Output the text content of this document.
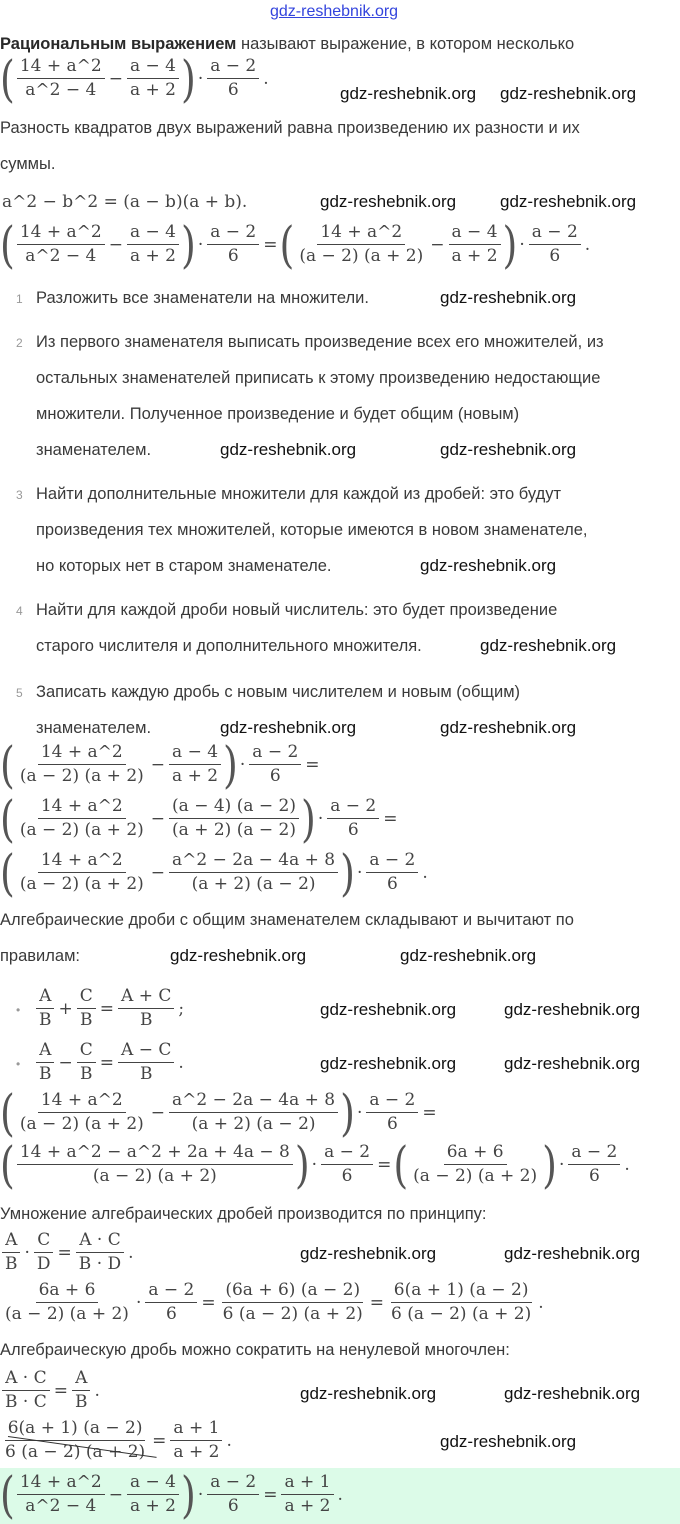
Рациональным выражением называют выражение, в котором несколько
( $\frac{14 + a\^{}2}{a\^{}2 - 4} - \frac{a - 4}{a + 2}$ ) · $\frac{a - 2}{6}$ .
Разность квадратов двух выражений равна произведению их разности и их
суммы.
a^2 − b^2 = (a − b)(a + b).
( $\frac{14 + a\^{}2}{a\^{}2 - 4} - \frac{a - 4}{a + 2}$ ) · $\frac{a - 2}{6}$ = ( $\frac{14 + a\^{}2}{(a - 2) (a + 2)} - \frac{a - 4}{a + 2}$ ) · $\frac{a - 2}{6}$ .
1 Разложить все знаменатели на множители.
2 Из первого знаменателя выписать произведение всех его множителей, из
остальных знаменателей приписать к этому произведению недостающие
множители. Полученное произведение и будет общим (новым)
знаменателем.
3 Найти дополнительные множители для каждой из дробей: это будут
произведения тех множителей, которые имеются в новом знаменателе,
но которых нет в старом знаменателе.
4 Найти для каждой дроби новый числитель: это будет произведение
старого числителя и дополнительного множителя.
5 Записать каждую дробь с новым числителем и новым (общим)
знаменателем.
( $\frac{14 + a\^{}2}{(a - 2) (a + 2)} - \frac{a - 4}{a + 2}$ ) · $\frac{a - 2}{6}$ =
( $\frac{14 + a\^{}2}{(a - 2) (a + 2)} - \frac{(a - 4) (a - 2)}{(a + 2) (a - 2)}$ ) · $\frac{a - 2}{6}$ =
( $\frac{14 + a\^{}2}{(a - 2) (a + 2)} - \frac{a\^{}2 - 2a - 4a + 8}{(a + 2) (a - 2)}$ ) · $\frac{a - 2}{6}$ .
Алгебраические дроби с общим знаменателем складывают и вычитают по
правилам:
• $\frac{A}{B} + \frac{C}{B} = \frac{A + C}{B}$ ;
• $\frac{A}{B} - \frac{C}{B} = \frac{A - C}{B}$ .
( $\frac{14 + a\^{}2}{(a - 2) (a + 2)} - \frac{a\^{}2 - 2a - 4a + 8}{(a + 2) (a - 2)}$ ) · $\frac{a - 2}{6}$ =
( $\frac{14 + a\^{}2 - a\^{}2 + 2a + 4a - 8}{(a - 2) (a + 2)}$ ) · $\frac{a - 2}{6}$ = ( $\frac{6a + 6}{(a - 2) (a + 2)}$ ) · $\frac{a - 2}{6}$ .
Умножение алгебраических дробей производится по принципу:
$\frac{A}{B} \cdot \frac{C}{D} = \frac{A \cdot C}{B \cdot D}$ .
$\frac{6a + 6}{(a - 2) (a + 2)} \cdot \frac{a - 2}{6} = \frac{(6a + 6) (a - 2)}{6 (a - 2) (a + 2)} = \frac{6(a + 1) (a - 2)}{6 (a - 2) (a + 2)}$ .
Алгебраическую дробь можно сократить на ненулевой многочлен:
$\frac{A \cdot C}{B \cdot C} = \frac{A}{B}$ .
$\frac{6(a + 1) (a - 2)}{6 (a - 2) (a + 2)} = \frac{a + 1}{a + 2}$ .
( $\frac{14 + a\^{}2}{a\^{}2 - 4} - \frac{a - 4}{a + 2}$ ) · $\frac{a - 2}{6} = \frac{a + 1}{a + 2}$ .
gdz-reshebnik.org
gdz-reshebnik.org gdz-reshebnik.org
gdz-reshebnik.org	gdz-reshebnik.org
gdz-reshebnik.org
gdz-reshebnik.org	gdz-reshebnik.org
gdz-reshebnik.org
gdz-reshebnik.org
gdz-reshebnik.org	gdz-reshebnik.org
gdz-reshebnik.org	gdz-reshebnik.org
gdz-reshebnik.org	gdz-reshebnik.org
gdz-reshebnik.org	gdz-reshebnik.org
gdz-reshebnik.org	gdz-reshebnik.org
gdz-reshebnik.org	gdz-reshebnik.org
gdz-reshebnik.org
